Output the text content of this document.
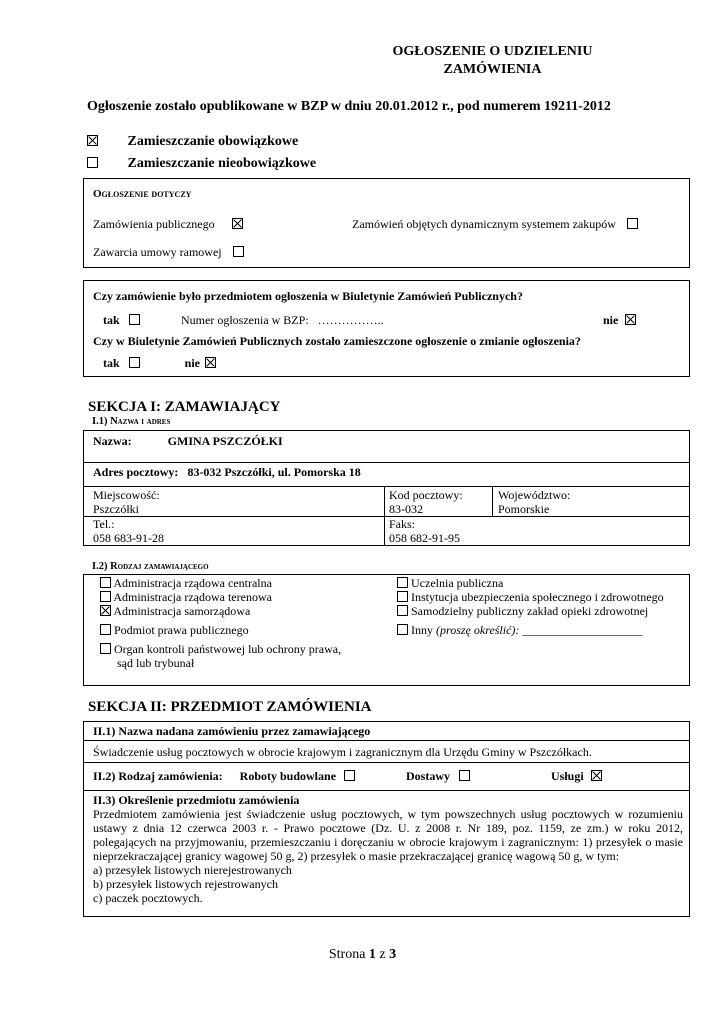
OGŁOSZENIE O UDZIELENIU
ZAMÓWIENIA
Ogłoszenie zostało opublikowane w BZP w dniu 20.01.2012 r., pod numerem 19211-2012
Zamieszczanie obowiązkowe
Zamieszczanie nieobowiązkowe
Ogłoszenie dotyczy
Zamówienia publicznego	Zamówień objętych dynamicznym systemem zakupów
Zawarcia umowy ramowej
Czy zamówienie było przedmiotem ogłoszenia w Biuletynie Zamówień Publicznych?
tak	Numer ogłoszenia w BZP: ……………..	nie
Czy w Biuletynie Zamówień Publicznych zostało zamieszczone ogłoszenie o zmianie ogłoszenia?
tak	nie
SEKCJA I: ZAMAWIAJĄCY
I.1) Nazwa i adres
Nazwa:	GMINA PSZCZÓŁKI
Adres pocztowy: 83-032 Pszczółki, ul. Pomorska 18
Miejscowość:
Pszczółki
Kod pocztowy:
83-032
Województwo:
Pomorskie
Tel.:
058 683-91-28
Faks:
058 682-91-95
I.2) Rodzaj zamawiającego
Administracja rządowa centralna
Administracja rządowa terenowa
Administracja samorządowa
Podmiot prawa publicznego
Organ kontroli państwowej lub ochrony prawa,
sąd lub trybunał
Uczelnia publiczna
Instytucja ubezpieczenia społecznego i zdrowotnego
Samodzielny publiczny zakład opieki zdrowotnej
Inny (proszę określić): ____________________
SEKCJA II: PRZEDMIOT ZAMÓWIENIA
II.1) Nazwa nadana zamówieniu przez zamawiającego
Świadczenie usług pocztowych w obrocie krajowym i zagranicznym dla Urzędu Gminy w Pszczółkach.
II.2) Rodzaj zamówienia: Roboty budowlane	Dostawy	Usługi
II.3) Określenie przedmiotu zamówienia
Przedmiotem zamówienia jest świadczenie usług pocztowych, w tym powszechnych usług pocztowych w rozumieniu ustawy z dnia 12 czerwca 2003 r. - Prawo pocztowe (Dz. U. z 2008 r. Nr 189, poz. 1159, ze zm.) w roku 2012, polegających na przyjmowaniu, przemieszczaniu i doręczaniu w obrocie krajowym i zagranicznym: 1) przesyłek o masie nieprzekraczającej granicy wagowej 50 g, 2) przesyłek o masie przekraczającej granicę wagową 50 g, w tym:
a) przesyłek listowych nierejestrowanych
b) przesyłek listowych rejestrowanych
c) paczek pocztowych.
Strona 1 z 3
